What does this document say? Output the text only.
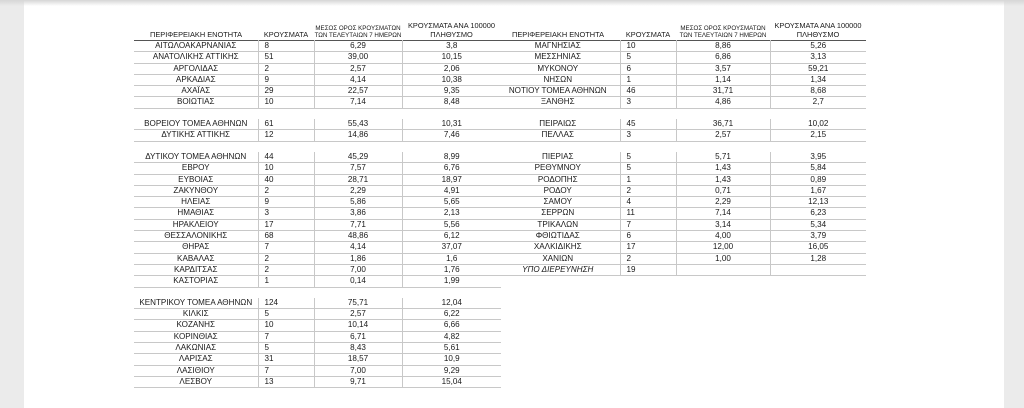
ΠΕΡΙΦΕΡΕΙΑΚΗ ΕΝΟΤΗΤΑ	ΚΡΟΥΣΜΑΤΑ	ΜΕΣΟΣ ΟΡΟΣ ΚΡΟΥΣΜΑΤΩΝ ΤΩΝ ΤΕΛΕΥΤΑΙΩΝ 7 ΗΜΕΡΩΝ	ΚΡΟΥΣΜΑΤΑ ΑΝΑ 100000 ΠΛΗΘΥΣΜΟ
ΑΙΤΩΛΟΑΚΑΡΝΑΝΙΑΣ	8	6,29	3,8
ΑΝΑΤΟΛΙΚΗΣ ΑΤΤΙΚΗΣ	51	39,00	10,15
ΑΡΓΟΛΙΔΑΣ	2	2,57	2,06
ΑΡΚΑΔΙΑΣ	9	4,14	10,38
ΑΧΑΪΑΣ	29	22,57	9,35
ΒΟΙΩΤΙΑΣ	10	7,14	8,48

ΒΟΡΕΙΟΥ ΤΟΜΕΑ ΑΘΗΝΩΝ	61	55,43	10,31
ΔΥΤΙΚΗΣ ΑΤΤΙΚΗΣ	12	14,86	7,46

ΔΥΤΙΚΟΥ ΤΟΜΕΑ ΑΘΗΝΩΝ	44	45,29	8,99
ΕΒΡΟΥ	10	7,57	6,76
ΕΥΒΟΙΑΣ	40	28,71	18,97
ΖΑΚΥΝΘΟΥ	2	2,29	4,91
ΗΛΕΙΑΣ	9	5,86	5,65
ΗΜΑΘΙΑΣ	3	3,86	2,13
ΗΡΑΚΛΕΙΟΥ	17	7,71	5,56
ΘΕΣΣΑΛΟΝΙΚΗΣ	68	48,86	6,12
ΘΗΡΑΣ	7	4,14	37,07
ΚΑΒΑΛΑΣ	2	1,86	1,6
ΚΑΡΔΙΤΣΑΣ	2	7,00	1,76
ΚΑΣΤΟΡΙΑΣ	1	0,14	1,99

ΚΕΝΤΡΙΚΟΥ ΤΟΜΕΑ ΑΘΗΝΩΝ	124	75,71	12,04
ΚΙΛΚΙΣ	5	2,57	6,22
ΚΟΖΑΝΗΣ	10	10,14	6,66
ΚΟΡΙΝΘΙΑΣ	7	6,71	4,82
ΛΑΚΩΝΙΑΣ	5	8,43	5,61
ΛΑΡΙΣΑΣ	31	18,57	10,9
ΛΑΣΙΘΙΟΥ	7	7,00	9,29
ΛΕΣΒΟΥ	13	9,71	15,04
ΠΕΡΙΦΕΡΕΙΑΚΗ ΕΝΟΤΗΤΑ	ΚΡΟΥΣΜΑΤΑ	ΜΕΣΟΣ ΟΡΟΣ ΚΡΟΥΣΜΑΤΩΝ ΤΩΝ ΤΕΛΕΥΤΑΙΩΝ 7 ΗΜΕΡΩΝ	ΚΡΟΥΣΜΑΤΑ ΑΝΑ 100000 ΠΛΗΘΥΣΜΟ
ΜΑΓΝΗΣΙΑΣ	10	8,86	5,26
ΜΕΣΣΗΝΙΑΣ	5	6,86	3,13
ΜΥΚΟΝΟΥ	6	3,57	59,21
ΝΗΣΩΝ	1	1,14	1,34
ΝΟΤΙΟΥ ΤΟΜΕΑ ΑΘΗΝΩΝ	46	31,71	8,68
ΞΑΝΘΗΣ	3	4,86	2,7

ΠΕΙΡΑΙΩΣ	45	36,71	10,02
ΠΕΛΛΑΣ	3	2,57	2,15

ΠΙΕΡΙΑΣ	5	5,71	3,95
ΡΕΘΥΜΝΟΥ	5	1,43	5,84
ΡΟΔΟΠΗΣ	1	1,43	0,89
ΡΟΔΟΥ	2	0,71	1,67
ΣΑΜΟΥ	4	2,29	12,13
ΣΕΡΡΩΝ	11	7,14	6,23
ΤΡΙΚΑΛΩΝ	7	3,14	5,34
ΦΘΙΩΤΙΔΑΣ	6	4,00	3,79
ΧΑΛΚΙΔΙΚΗΣ	17	12,00	16,05
ΧΑΝΙΩΝ	2	1,00	1,28
ΥΠΟ ΔΙΕΡΕΥΝΗΣΗ	19		
